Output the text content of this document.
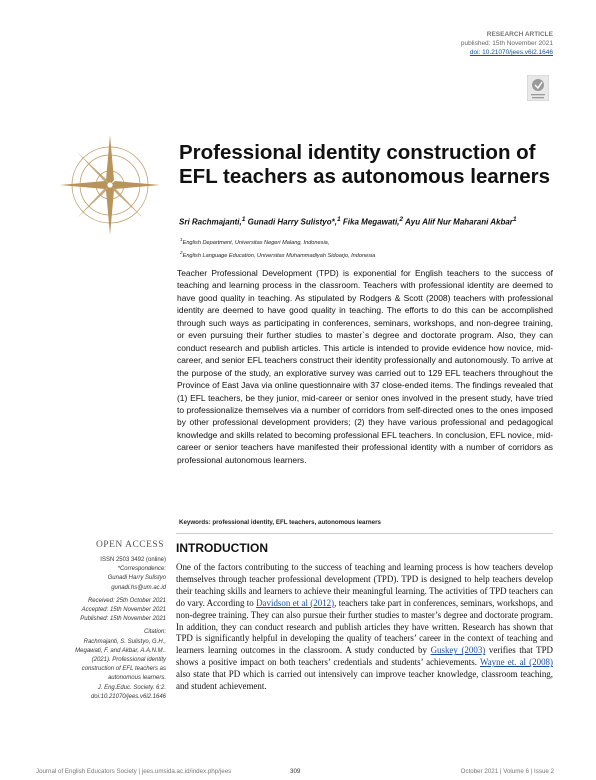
RESEARCH ARTICLE
published: 15th November 2021
doi: 10.21070/jees.v6i2.1646
Professional identity construction of EFL teachers as autonomous learners
Sri Rachmajanti,$^1$ Gunadi Harry Sulistyo*,$^1$ Fika Megawati,$^2$ Ayu Alif Nur Maharani Akbar$^1$
$^1$English Department, Universitas Negeri Malang, Indonesia,
$^2$English Language Education, Universitas Muhammadiyah Sidoarjo, Indonesia
Teacher Professional Development (TPD) is exponential for English teachers to the success of teaching and learning process in the classroom. Teachers with professional identity are deemed to have good quality in teaching. As stipulated by Rodgers & Scott (2008) teachers with professional identity are deemed to have good quality in teaching. The efforts to do this can be accomplished through such ways as participating in conferences, seminars, workshops, and non-degree training, or even pursuing their further studies to master`s degree and doctorate program. Also, they can conduct research and publish articles. This article is intended to provide evidence how novice, mid-career, and senior EFL teachers construct their identity professionally and autonomously. To arrive at the purpose of the study, an explorative survey was carried out to 129 EFL teachers throughout the Province of East Java via online questionnaire with 37 close-ended items. The findings revealed that (1) EFL teachers, be they junior, mid-career or senior ones involved in the present study, have tried to professionalize themselves via a number of corridors from self-directed ones to the ones imposed by other professional development providers; (2) they have various professional and pedagogical knowledge and skills related to becoming professional EFL teachers. In conclusion, EFL novice, mid-career or senior teachers have manifested their professional identity with a number of corridors as professional autonomous learners.
Keywords: professional identity, EFL teachers, autonomous learners
OPEN ACCESS
ISSN 2503 3492 (online)
*Correspondence:
Gunadi Harry Sulistyo
gunadi.hs@um.ac.id
Received: 25th October 2021
Accepted: 15th November 2021
Published: 15th November 2021
Citation:
Rachmajanti, S. Sulistyo, G.H.,
Megawati, F. and Akbar, A.A.N.M..
(2021). Professional identity
construction of EFL teachers as
autonomous learners.
J. Eng.Educ. Society. 6:2.
doi:10.21070/jees.v6i2.1646
INTRODUCTION
One of the factors contributing to the success of teaching and learning process is how teachers develop themselves through teacher professional development (TPD). TPD is designed to help teachers develop their teaching skills and learners to achieve their meaningful learning. The activities of TPD teachers can do vary. According to Davidson et al (2012), teachers take part in conferences, seminars, workshops, and non-degree training. They can also pursue their further studies to master’s degree and doctorate program. In addition, they can conduct research and publish articles they have written. Research has shown that TPD is significantly helpful in developing the quality of teachers’ career in the context of teaching and learners learning outcomes in the classroom. A study conducted by Guskey (2003) verifies that TPD shows a positive impact on both teachers’ credentials and students’ achievements. Wayne et. al (2008) also state that PD which is carried out intensively can improve teacher knowledge, classroom teaching, and student achievement.
Journal of English Educators Society | jees.umsida.ac.id/index.php/jees	309	October 2021 | Volume 6 | Issue 2
